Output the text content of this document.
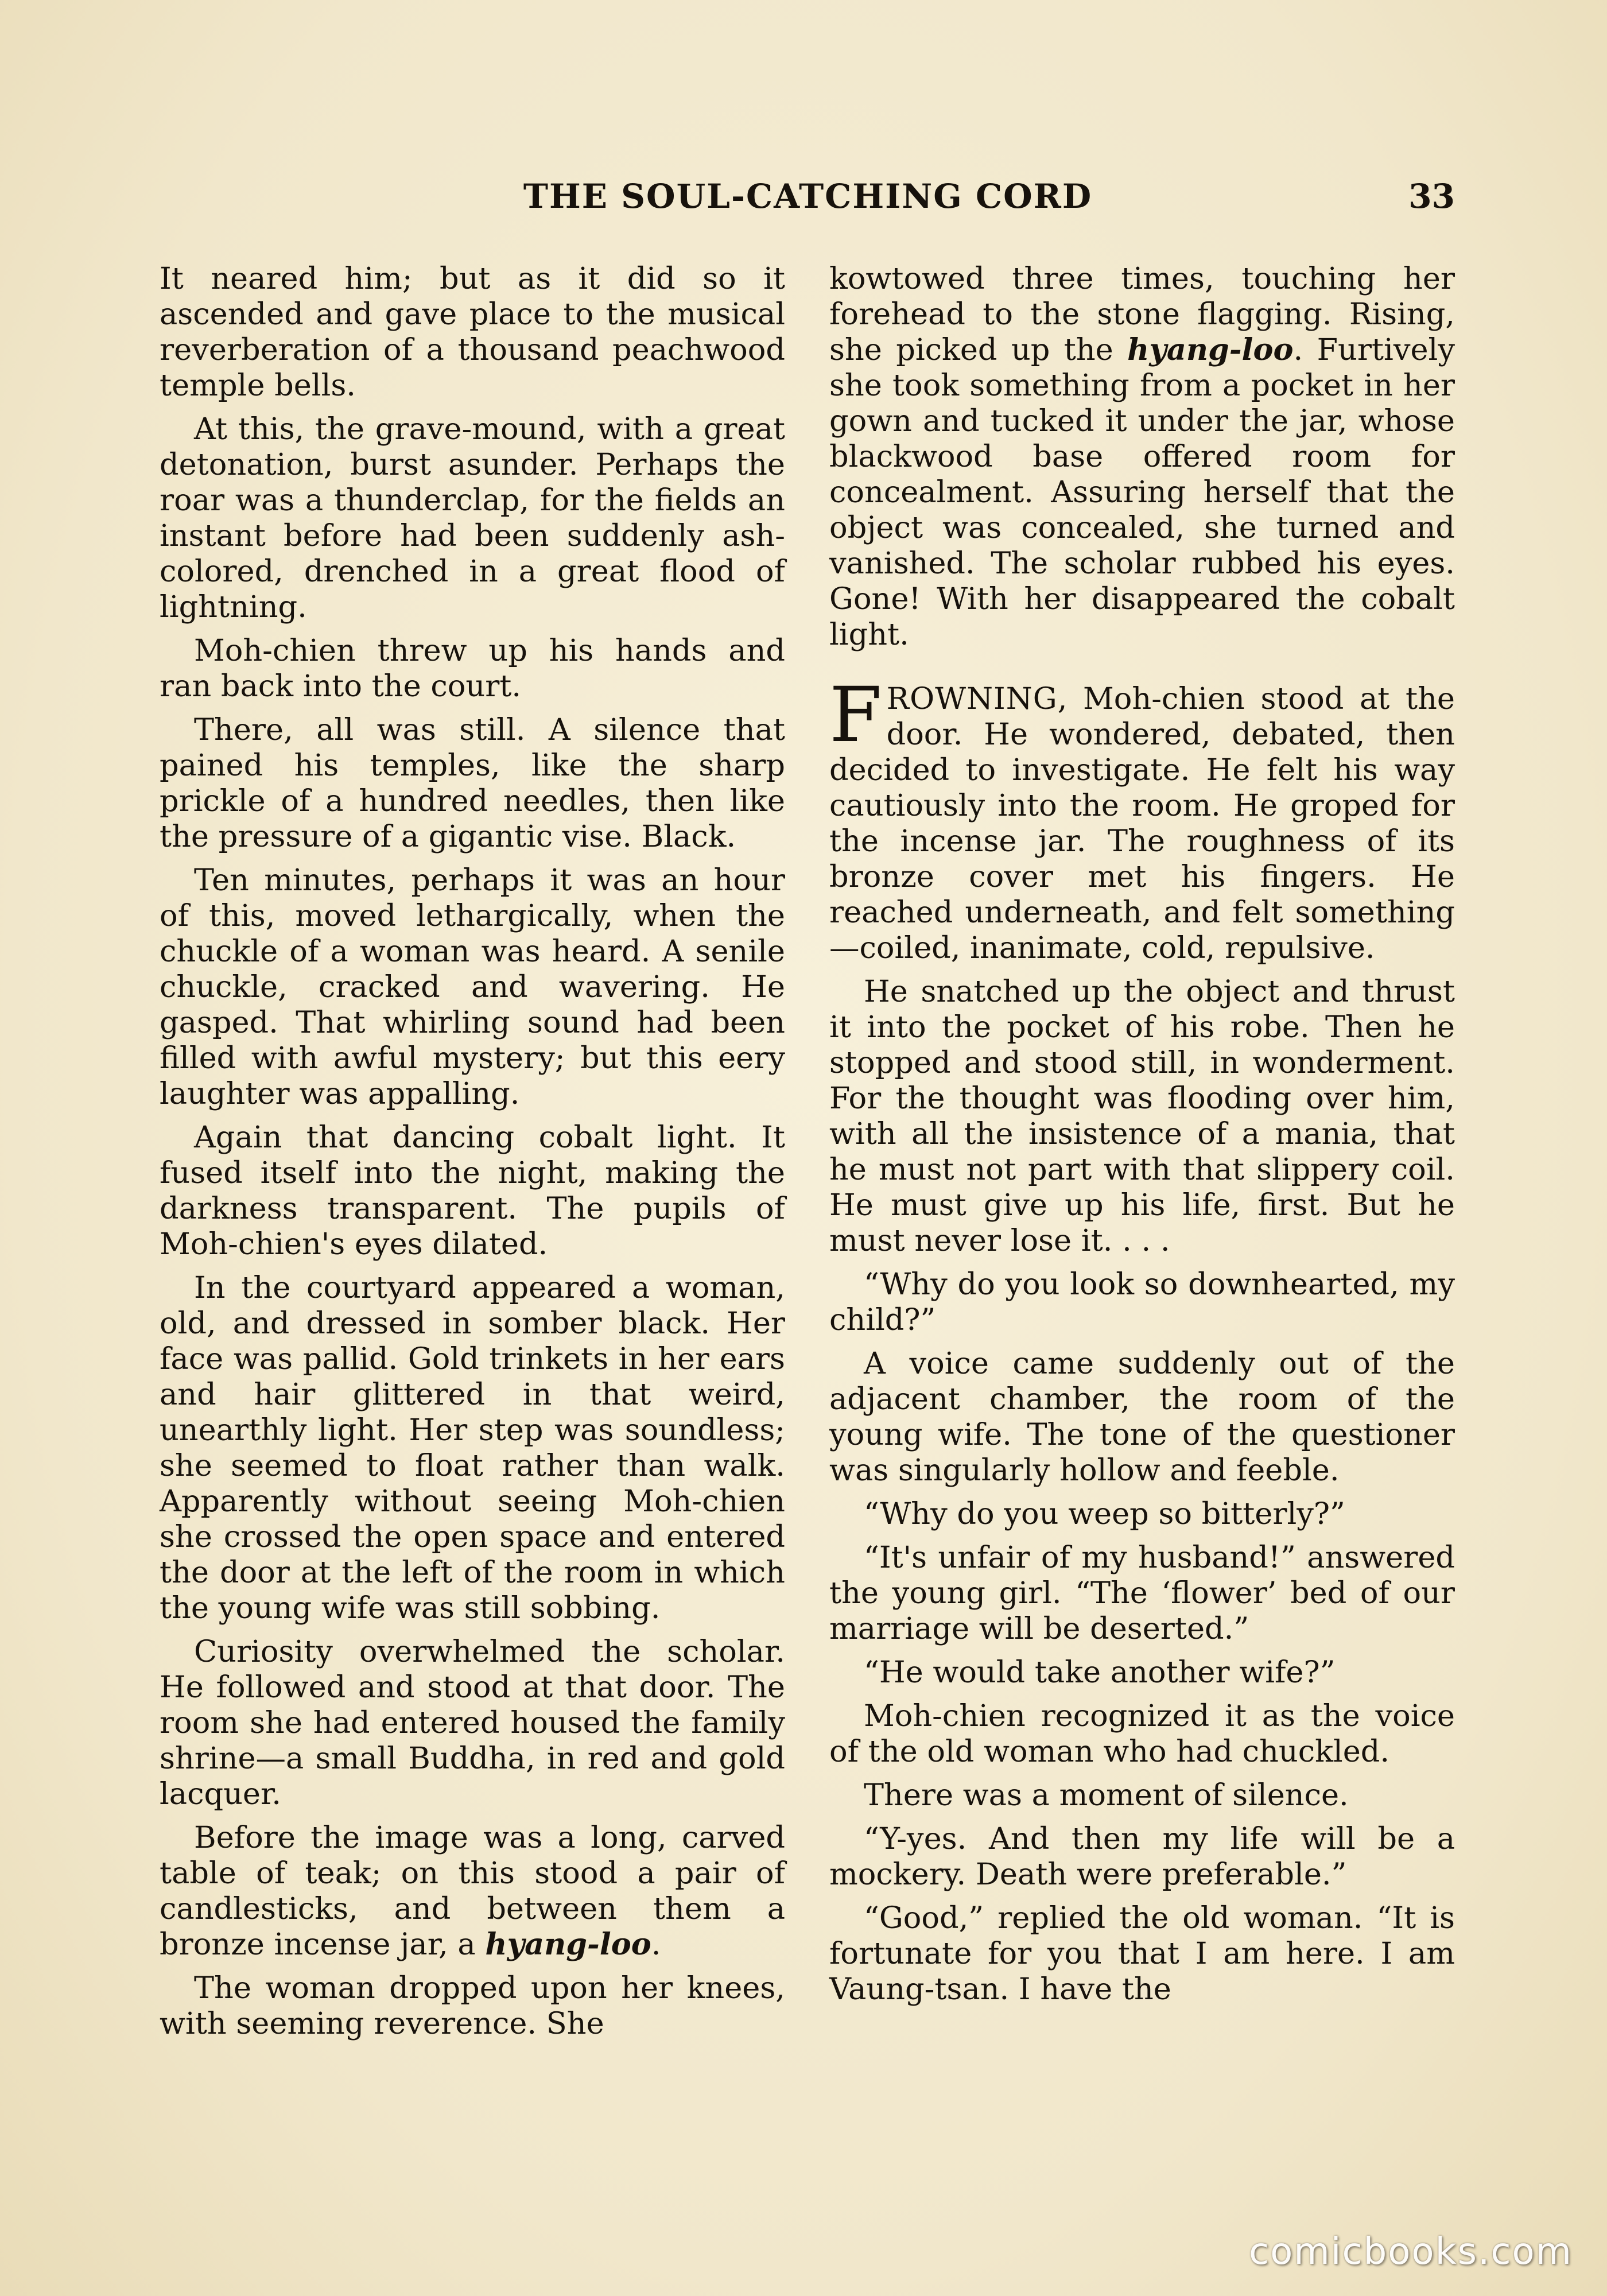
THE SOUL-CATCHING CORD	33

It neared him; but as it did so it ascended and gave place to the musical reverberation of a thousand peachwood temple bells.

At this, the grave-mound, with a great detonation, burst asunder. Perhaps the roar was a thunderclap, for the fields an instant before had been suddenly ash-colored, drenched in a great flood of lightning.

Moh-chien threw up his hands and ran back into the court.

There, all was still. A silence that pained his temples, like the sharp prickle of a hundred needles, then like the pressure of a gigantic vise. Black.

Ten minutes, perhaps it was an hour of this, moved lethargically, when the chuckle of a woman was heard. A senile chuckle, cracked and wavering. He gasped. That whirling sound had been filled with awful mystery; but this eery laughter was appalling.

Again that dancing cobalt light. It fused itself into the night, making the darkness transparent. The pupils of Moh-chien's eyes dilated.

In the courtyard appeared a woman, old, and dressed in somber black. Her face was pallid. Gold trinkets in her ears and hair glittered in that weird, unearthly light. Her step was soundless; she seemed to float rather than walk. Apparently without seeing Moh-chien she crossed the open space and entered the door at the left of the room in which the young wife was still sobbing.

Curiosity overwhelmed the scholar. He followed and stood at that door. The room she had entered housed the family shrine—a small Buddha, in red and gold lacquer.

Before the image was a long, carved table of teak; on this stood a pair of candlesticks, and between them a bronze incense jar, a hyang-loo.

The woman dropped upon her knees, with seeming reverence. She

kowtowed three times, touching her forehead to the stone flagging. Rising, she picked up the hyang-loo. Furtively she took something from a pocket in her gown and tucked it under the jar, whose blackwood base offered room for concealment. Assuring herself that the object was concealed, she turned and vanished. The scholar rubbed his eyes. Gone! With her disappeared the cobalt light.

FROWNING, Moh-chien stood at the door. He wondered, debated, then decided to investigate. He felt his way cautiously into the room. He groped for the incense jar. The roughness of its bronze cover met his fingers. He reached underneath, and felt something—coiled, inanimate, cold, repulsive.

He snatched up the object and thrust it into the pocket of his robe. Then he stopped and stood still, in wonderment. For the thought was flooding over him, with all the insistence of a mania, that he must not part with that slippery coil. He must give up his life, first. But he must never lose it. . . .

“Why do you look so downhearted, my child?”

A voice came suddenly out of the adjacent chamber, the room of the young wife. The tone of the questioner was singularly hollow and feeble.

“Why do you weep so bitterly?”

“It's unfair of my husband!” answered the young girl. “The ‘flower’ bed of our marriage will be deserted.”

“He would take another wife?”

Moh-chien recognized it as the voice of the old woman who had chuckled.

There was a moment of silence.

“Y-yes. And then my life will be a mockery. Death were preferable.”

“Good,” replied the old woman. “It is fortunate for you that I am here. I am Vaung-tsan. I have the

comicbooks.com
